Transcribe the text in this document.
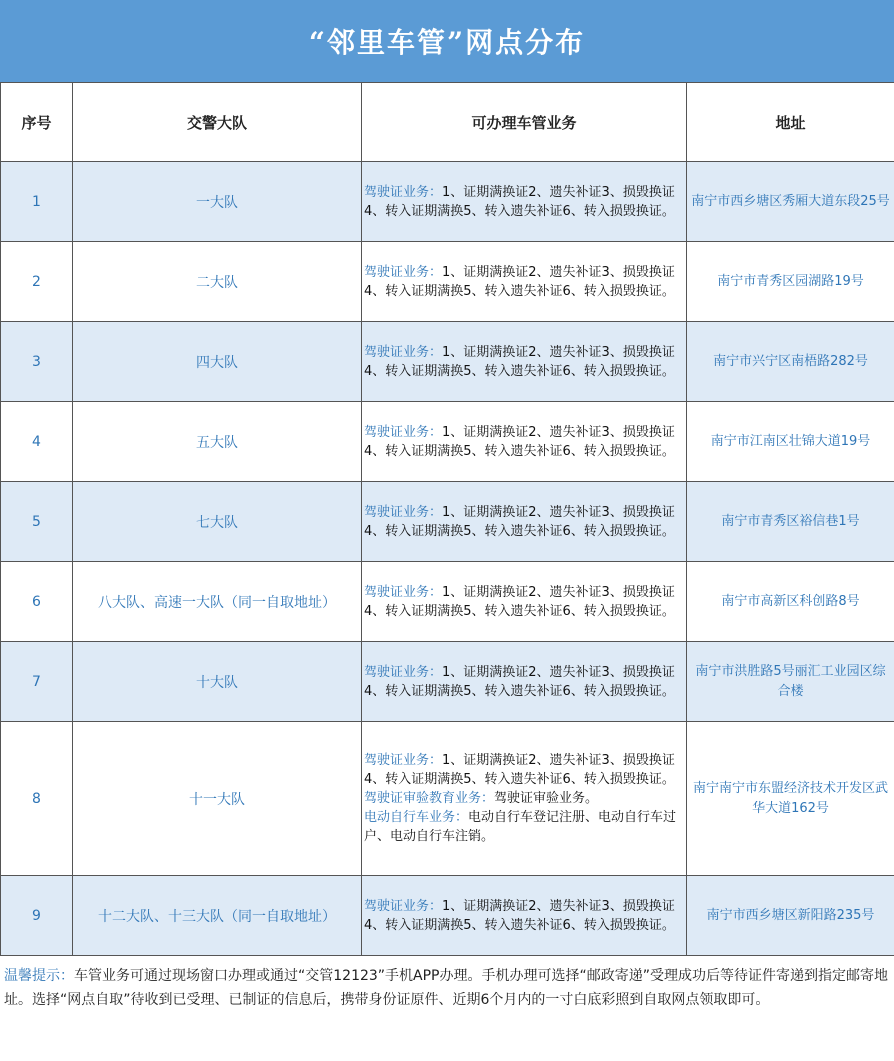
“邻里车管”网点分布
序号	交警大队	可办理车管业务	地址
1	一大队	驾驶证业务：1、证期满换证2、遗失补证3、损毁换证4、转入证期满换5、转入遗失补证6、转入损毁换证。	南宁市西乡塘区秀厢大道东段25号
2	二大队	驾驶证业务：1、证期满换证2、遗失补证3、损毁换证4、转入证期满换5、转入遗失补证6、转入损毁换证。	南宁市青秀区园湖路19号
3	四大队	驾驶证业务：1、证期满换证2、遗失补证3、损毁换证4、转入证期满换5、转入遗失补证6、转入损毁换证。	南宁市兴宁区南梧路282号
4	五大队	驾驶证业务：1、证期满换证2、遗失补证3、损毁换证4、转入证期满换5、转入遗失补证6、转入损毁换证。	南宁市江南区壮锦大道19号
5	七大队	驾驶证业务：1、证期满换证2、遗失补证3、损毁换证4、转入证期满换5、转入遗失补证6、转入损毁换证。	南宁市青秀区裕信巷1号
6	八大队、高速一大队（同一自取地址）	驾驶证业务：1、证期满换证2、遗失补证3、损毁换证4、转入证期满换5、转入遗失补证6、转入损毁换证。	南宁市高新区科创路8号
7	十大队	驾驶证业务：1、证期满换证2、遗失补证3、损毁换证4、转入证期满换5、转入遗失补证6、转入损毁换证。	南宁市洪胜路5号丽汇工业园区综合楼
8	十一大队	驾驶证业务：1、证期满换证2、遗失补证3、损毁换证4、转入证期满换5、转入遗失补证6、转入损毁换证。
驾驶证审验教育业务：驾驶证审验业务。
电动自行车业务：电动自行车登记注册、电动自行车过户、电动自行车注销。	南宁南宁市东盟经济技术开发区武华大道162号
9	十二大队、十三大队（同一自取地址）	驾驶证业务：1、证期满换证2、遗失补证3、损毁换证4、转入证期满换5、转入遗失补证6、转入损毁换证。	南宁市西乡塘区新阳路235号
温馨提示：车管业务可通过现场窗口办理或通过“交管12123”手机APP办理。手机办理可选择“邮政寄递”受理成功后等待证件寄递到指定邮寄地址。选择“网点自取”待收到已受理、已制证的信息后，携带身份证原件、近期6个月内的一寸白底彩照到自取网点领取即可。
